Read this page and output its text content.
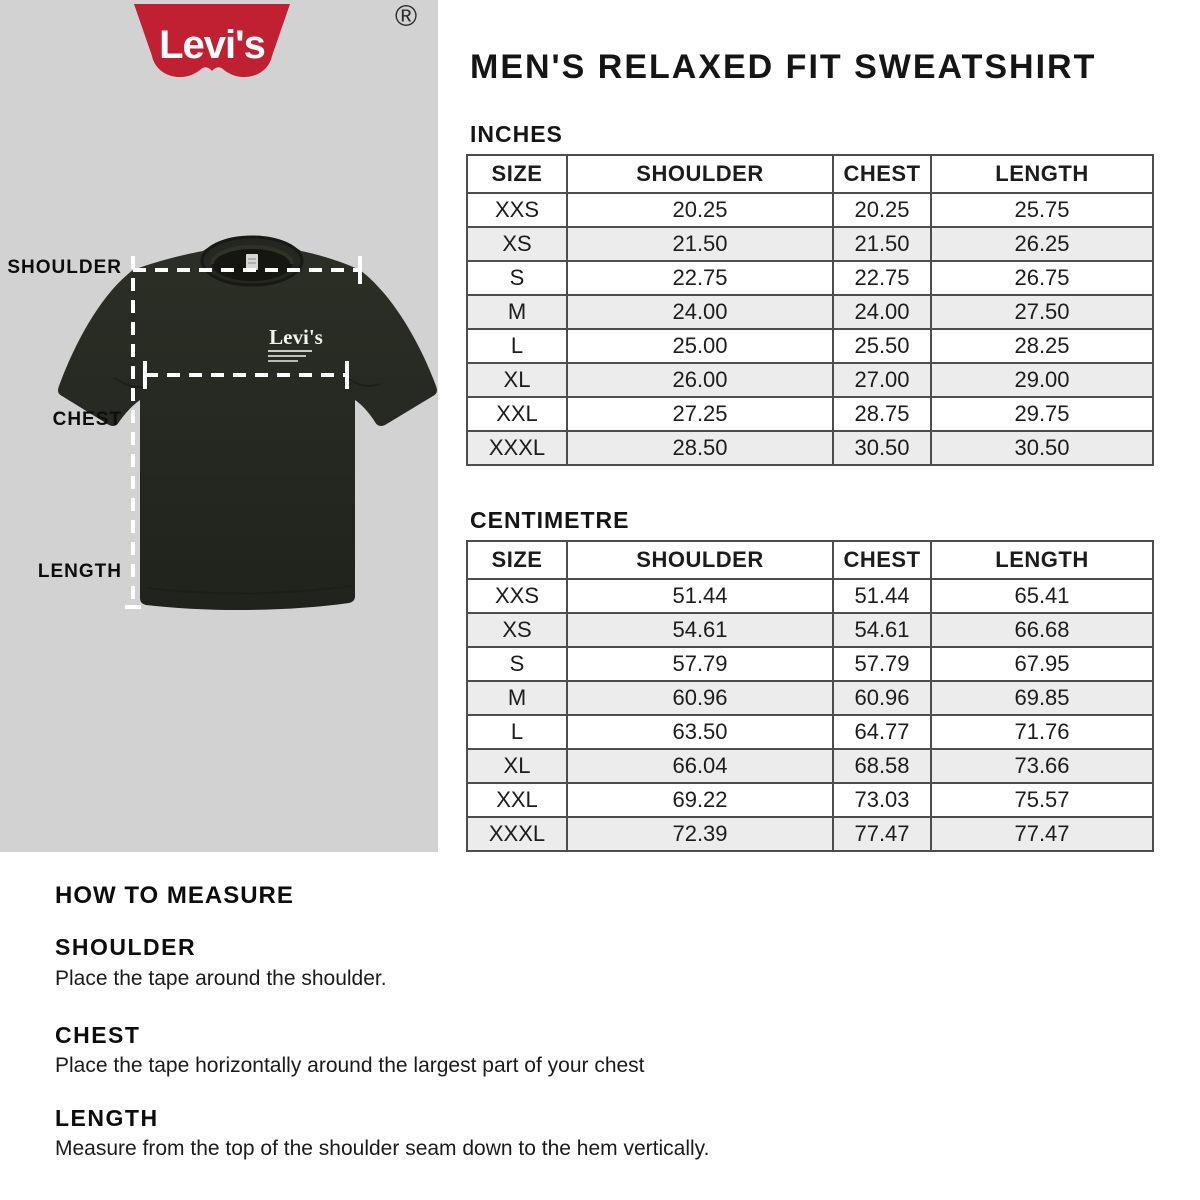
Levi's
®
Levi's
SHOULDER
CHEST
LENGTH
MEN'S RELAXED FIT SWEATSHIRT
INCHES
SIZE	SHOULDER	CHEST	LENGTH
XXS	20.25	20.25	25.75
XS	21.50	21.50	26.25
S	22.75	22.75	26.75
M	24.00	24.00	27.50
L	25.00	25.50	28.25
XL	26.00	27.00	29.00
XXL	27.25	28.75	29.75
XXXL	28.50	30.50	30.50
CENTIMETRE
SIZE	SHOULDER	CHEST	LENGTH
XXS	51.44	51.44	65.41
XS	54.61	54.61	66.68
S	57.79	57.79	67.95
M	60.96	60.96	69.85
L	63.50	64.77	71.76
XL	66.04	68.58	73.66
XXL	69.22	73.03	75.57
XXXL	72.39	77.47	77.47
HOW TO MEASURE
SHOULDER
Place the tape around the shoulder.
CHEST
Place the tape horizontally around the largest part of your chest
LENGTH
Measure from the top of the shoulder seam down to the hem vertically.
